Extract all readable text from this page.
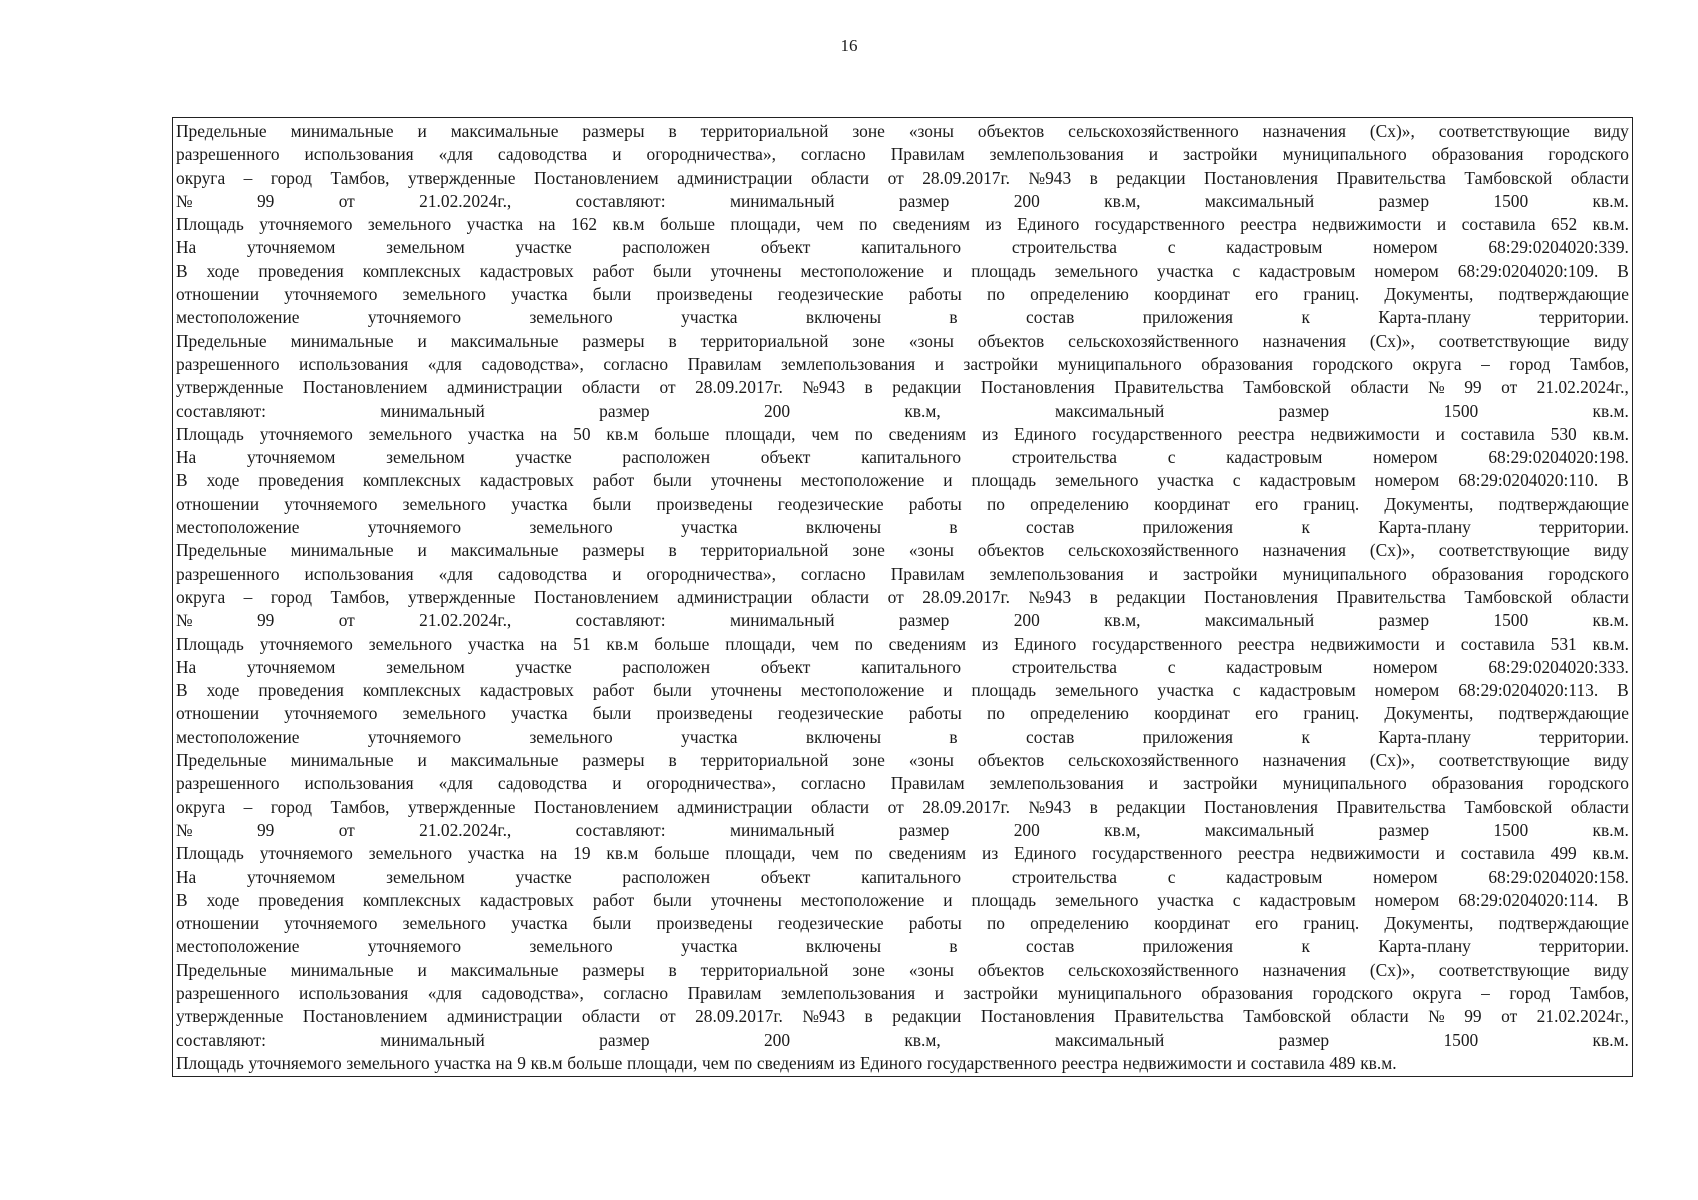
16
Предельные минимальные и максимальные размеры в территориальной зоне «зоны объектов сельскохозяйственного назначения (Сх)», соответствующие виду
разрешенного использования «для садоводства и огородничества», согласно Правилам землепользования и застройки муниципального образования городского
округа – город Тамбов, утвержденные Постановлением администрации области от 28.09.2017г. №943 в редакции Постановления Правительства Тамбовской области
№	99	от	21.02.2024г.,	составляют:	минимальный	размер	200	кв.м,	максимальный	размер	1500	кв.м.
Площадь уточняемого земельного участка на 162 кв.м больше площади, чем по сведениям из Единого государственного реестра недвижимости и составила 652 кв.м.
На	уточняемом	земельном	участке	расположен	объект	капитального	строительства	с	кадастровым	номером	68:29:0204020:339.
В ходе проведения комплексных кадастровых работ были уточнены местоположение и площадь земельного участка с кадастровым номером 68:29:0204020:109. В
отношении уточняемого земельного участка были произведены геодезические работы по определению координат его границ. Документы, подтверждающие
местоположение	уточняемого	земельного	участка	включены	в	состав	приложения	к	Карта-плану	территории.
Предельные минимальные и максимальные размеры в территориальной зоне «зоны объектов сельскохозяйственного назначения (Сх)», соответствующие виду
разрешенного использования «для садоводства», согласно Правилам землепользования и застройки муниципального образования городского округа – город Тамбов,
утвержденные Постановлением администрации области от 28.09.2017г. №943 в редакции Постановления Правительства Тамбовской области № 99 от 21.02.2024г.,
составляют:	минимальный	размер	200	кв.м,	максимальный	размер	1500	кв.м.
Площадь уточняемого земельного участка на 50 кв.м больше площади, чем по сведениям из Единого государственного реестра недвижимости и составила 530 кв.м.
На	уточняемом	земельном	участке	расположен	объект	капитального	строительства	с	кадастровым	номером	68:29:0204020:198.
В ходе проведения комплексных кадастровых работ были уточнены местоположение и площадь земельного участка с кадастровым номером 68:29:0204020:110. В
отношении уточняемого земельного участка были произведены геодезические работы по определению координат его границ. Документы, подтверждающие
местоположение	уточняемого	земельного	участка	включены	в	состав	приложения	к	Карта-плану	территории.
Предельные минимальные и максимальные размеры в территориальной зоне «зоны объектов сельскохозяйственного назначения (Сх)», соответствующие виду
разрешенного использования «для садоводства и огородничества», согласно Правилам землепользования и застройки муниципального образования городского
округа – город Тамбов, утвержденные Постановлением администрации области от 28.09.2017г. №943 в редакции Постановления Правительства Тамбовской области
№	99	от	21.02.2024г.,	составляют:	минимальный	размер	200	кв.м,	максимальный	размер	1500	кв.м.
Площадь уточняемого земельного участка на 51 кв.м больше площади, чем по сведениям из Единого государственного реестра недвижимости и составила 531 кв.м.
На	уточняемом	земельном	участке	расположен	объект	капитального	строительства	с	кадастровым	номером	68:29:0204020:333.
В ходе проведения комплексных кадастровых работ были уточнены местоположение и площадь земельного участка с кадастровым номером 68:29:0204020:113. В
отношении уточняемого земельного участка были произведены геодезические работы по определению координат его границ. Документы, подтверждающие
местоположение	уточняемого	земельного	участка	включены	в	состав	приложения	к	Карта-плану	территории.
Предельные минимальные и максимальные размеры в территориальной зоне «зоны объектов сельскохозяйственного назначения (Сх)», соответствующие виду
разрешенного использования «для садоводства и огородничества», согласно Правилам землепользования и застройки муниципального образования городского
округа – город Тамбов, утвержденные Постановлением администрации области от 28.09.2017г. №943 в редакции Постановления Правительства Тамбовской области
№	99	от	21.02.2024г.,	составляют:	минимальный	размер	200	кв.м,	максимальный	размер	1500	кв.м.
Площадь уточняемого земельного участка на 19 кв.м больше площади, чем по сведениям из Единого государственного реестра недвижимости и составила 499 кв.м.
На	уточняемом	земельном	участке	расположен	объект	капитального	строительства	с	кадастровым	номером	68:29:0204020:158.
В ходе проведения комплексных кадастровых работ были уточнены местоположение и площадь земельного участка с кадастровым номером 68:29:0204020:114. В
отношении уточняемого земельного участка были произведены геодезические работы по определению координат его границ. Документы, подтверждающие
местоположение	уточняемого	земельного	участка	включены	в	состав	приложения	к	Карта-плану	территории.
Предельные минимальные и максимальные размеры в территориальной зоне «зоны объектов сельскохозяйственного назначения (Сх)», соответствующие виду
разрешенного использования «для садоводства», согласно Правилам землепользования и застройки муниципального образования городского округа – город Тамбов,
утвержденные Постановлением администрации области от 28.09.2017г. №943 в редакции Постановления Правительства Тамбовской области № 99 от 21.02.2024г.,
составляют:	минимальный	размер	200	кв.м,	максимальный	размер	1500	кв.м.
Площадь уточняемого земельного участка на 9 кв.м больше площади, чем по сведениям из Единого государственного реестра недвижимости и составила 489 кв.м.
